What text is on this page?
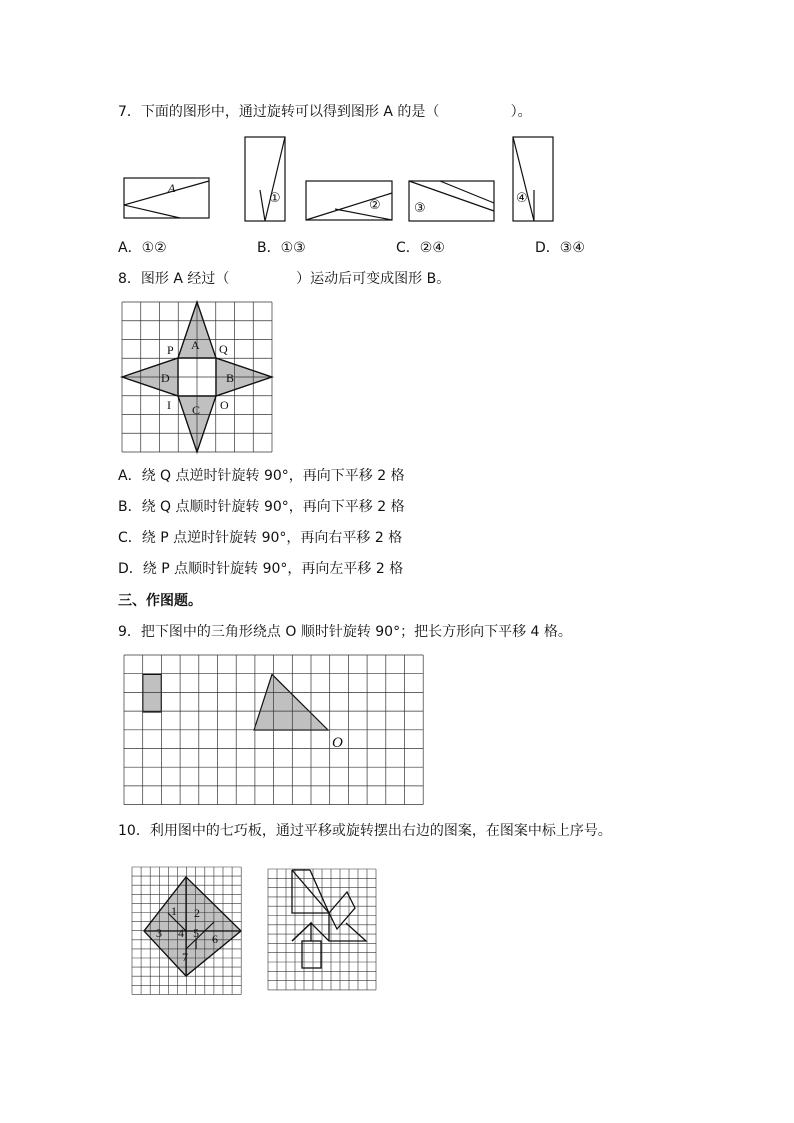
7．下面的图形中，通过旋转可以得到图形 A 的是（                ）。
A
①	②	③
④
A．①②	B．①③	C．②④	D．③④
8．图形 A 经过（               ）运动后可变成图形 B。
A
B
C
D
P	Q
I	O
A．绕 Q 点逆时针旋转 90°，再向下平移 2 格
B．绕 Q 点顺时针旋转 90°，再向下平移 2 格
C．绕 P 点逆时针旋转 90°，再向右平移 2 格
D．绕 P 点顺时针旋转 90°，再向左平移 2 格
三、作图题。
9．把下图中的三角形绕点 O 顺时针旋转 90°；把长方形向下平移 4 格。
O
10．利用图中的七巧板，通过平移或旋转摆出右边的图案，在图案中标上序号。
1 2
3 4 5 6
7
